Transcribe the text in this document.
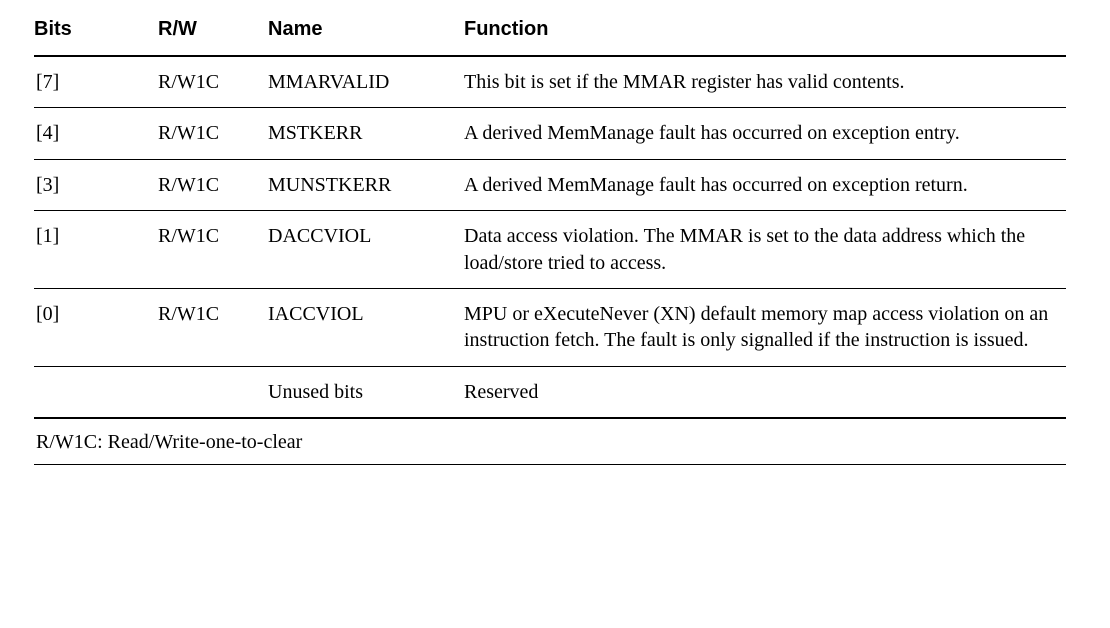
Bits	R/W	Name	Function
[7]	R/W1C	MMARVALID	This bit is set if the MMAR register has valid contents.
[4]	R/W1C	MSTKERR	A derived MemManage fault has occurred on exception entry.
[3]	R/W1C	MUNSTKERR	A derived MemManage fault has occurred on exception return.
[1]	R/W1C	DACCVIOL	Data access violation. The MMAR is set to the data address which the load/store tried to access.
[0]	R/W1C	IACCVIOL	MPU or eXecuteNever (XN) default memory map access violation on an instruction fetch. The fault is only signalled if the instruction is issued.
		Unused bits	Reserved
R/W1C: Read/Write-one-to-clear			
